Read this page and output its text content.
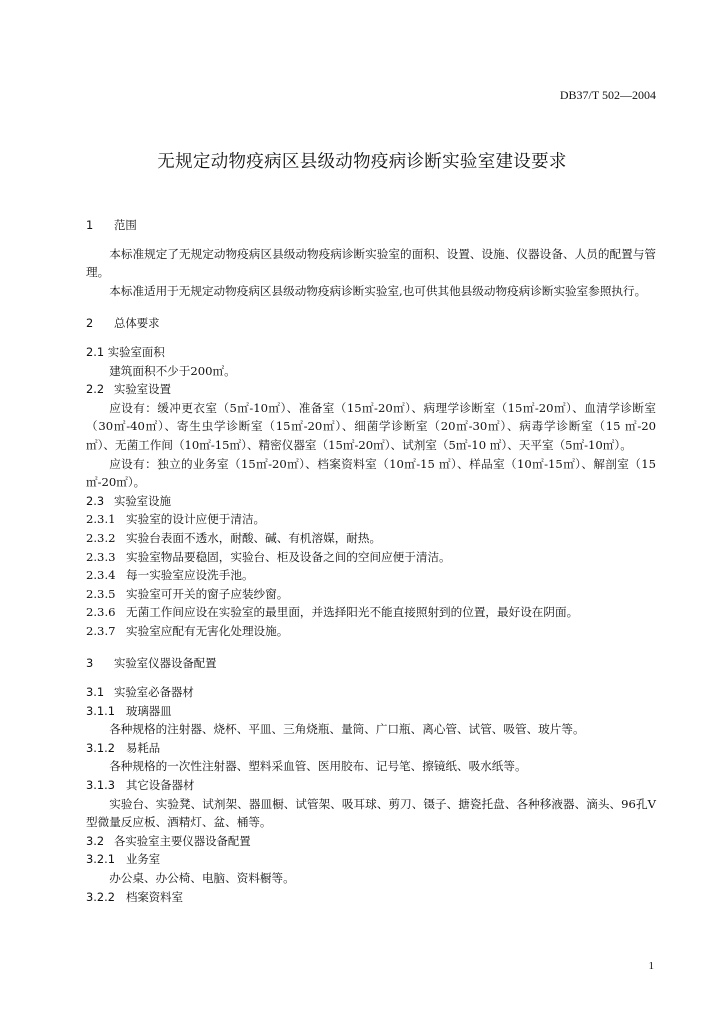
DB37/T 502—2004
无规定动物疫病区县级动物疫病诊断实验室建设要求
1 范围

本标准规定了无规定动物疫病区县级动物疫病诊断实验室的面积、设置、设施、仪器设备、人员的配置与管理。

本标准适用于无规定动物疫病区县级动物疫病诊断实验室,也可供其他县级动物疫病诊断实验室参照执行。

2 总体要求
2.1 实验室面积

建筑面积不少于200㎡。

2.2 实验室设置

应设有：缓冲更衣室（5㎡-10㎡）、准备室（15㎡-20㎡）、病理学诊断室（15㎡-20㎡）、血清学诊断室（30㎡-40㎡）、寄生虫学诊断室（15㎡-20㎡）、细菌学诊断室（20㎡-30㎡）、病毒学诊断室（15 ㎡-20 ㎡）、无菌工作间（10㎡-15㎡）、精密仪器室（15㎡-20㎡）、试剂室（5㎡-10 ㎡）、天平室（5㎡-10㎡）。

应设有：独立的业务室（15㎡-20㎡）、档案资料室（10㎡-15 ㎡）、样品室（10㎡-15㎡）、解剖室（15㎡-20㎡）。

2.3 实验室设施
2.3.1 实验室的设计应便于清洁。
2.3.2 实验台表面不透水，耐酸、碱、有机溶媒，耐热。
2.3.3 实验室物品要稳固，实验台、柜及设备之间的空间应便于清洁。
2.3.4 每一实验室应设洗手池。
2.3.5 实验室可开关的窗子应装纱窗。
2.3.6 无菌工作间应设在实验室的最里面，并选择阳光不能直接照射到的位置，最好设在阴面。
2.3.7 实验室应配有无害化处理设施。
3 实验室仪器设备配置
3.1 实验室必备器材
3.1.1 玻璃器皿

各种规格的注射器、烧杯、平皿、三角烧瓶、量筒、广口瓶、离心管、试管、吸管、玻片等。

3.1.2 易耗品

各种规格的一次性注射器、塑料采血管、医用胶布、记号笔、擦镜纸、吸水纸等。

3.1.3 其它设备器材

实验台、实验凳、试剂架、器皿橱、试管架、吸耳球、剪刀、镊子、搪瓷托盘、各种移液器、滴头、96孔V型微量反应板、酒精灯、盆、桶等。

3.2 各实验室主要仪器设备配置
3.2.1 业务室

办公桌、办公椅、电脑、资料橱等。

3.2.2 档案资料室
1
